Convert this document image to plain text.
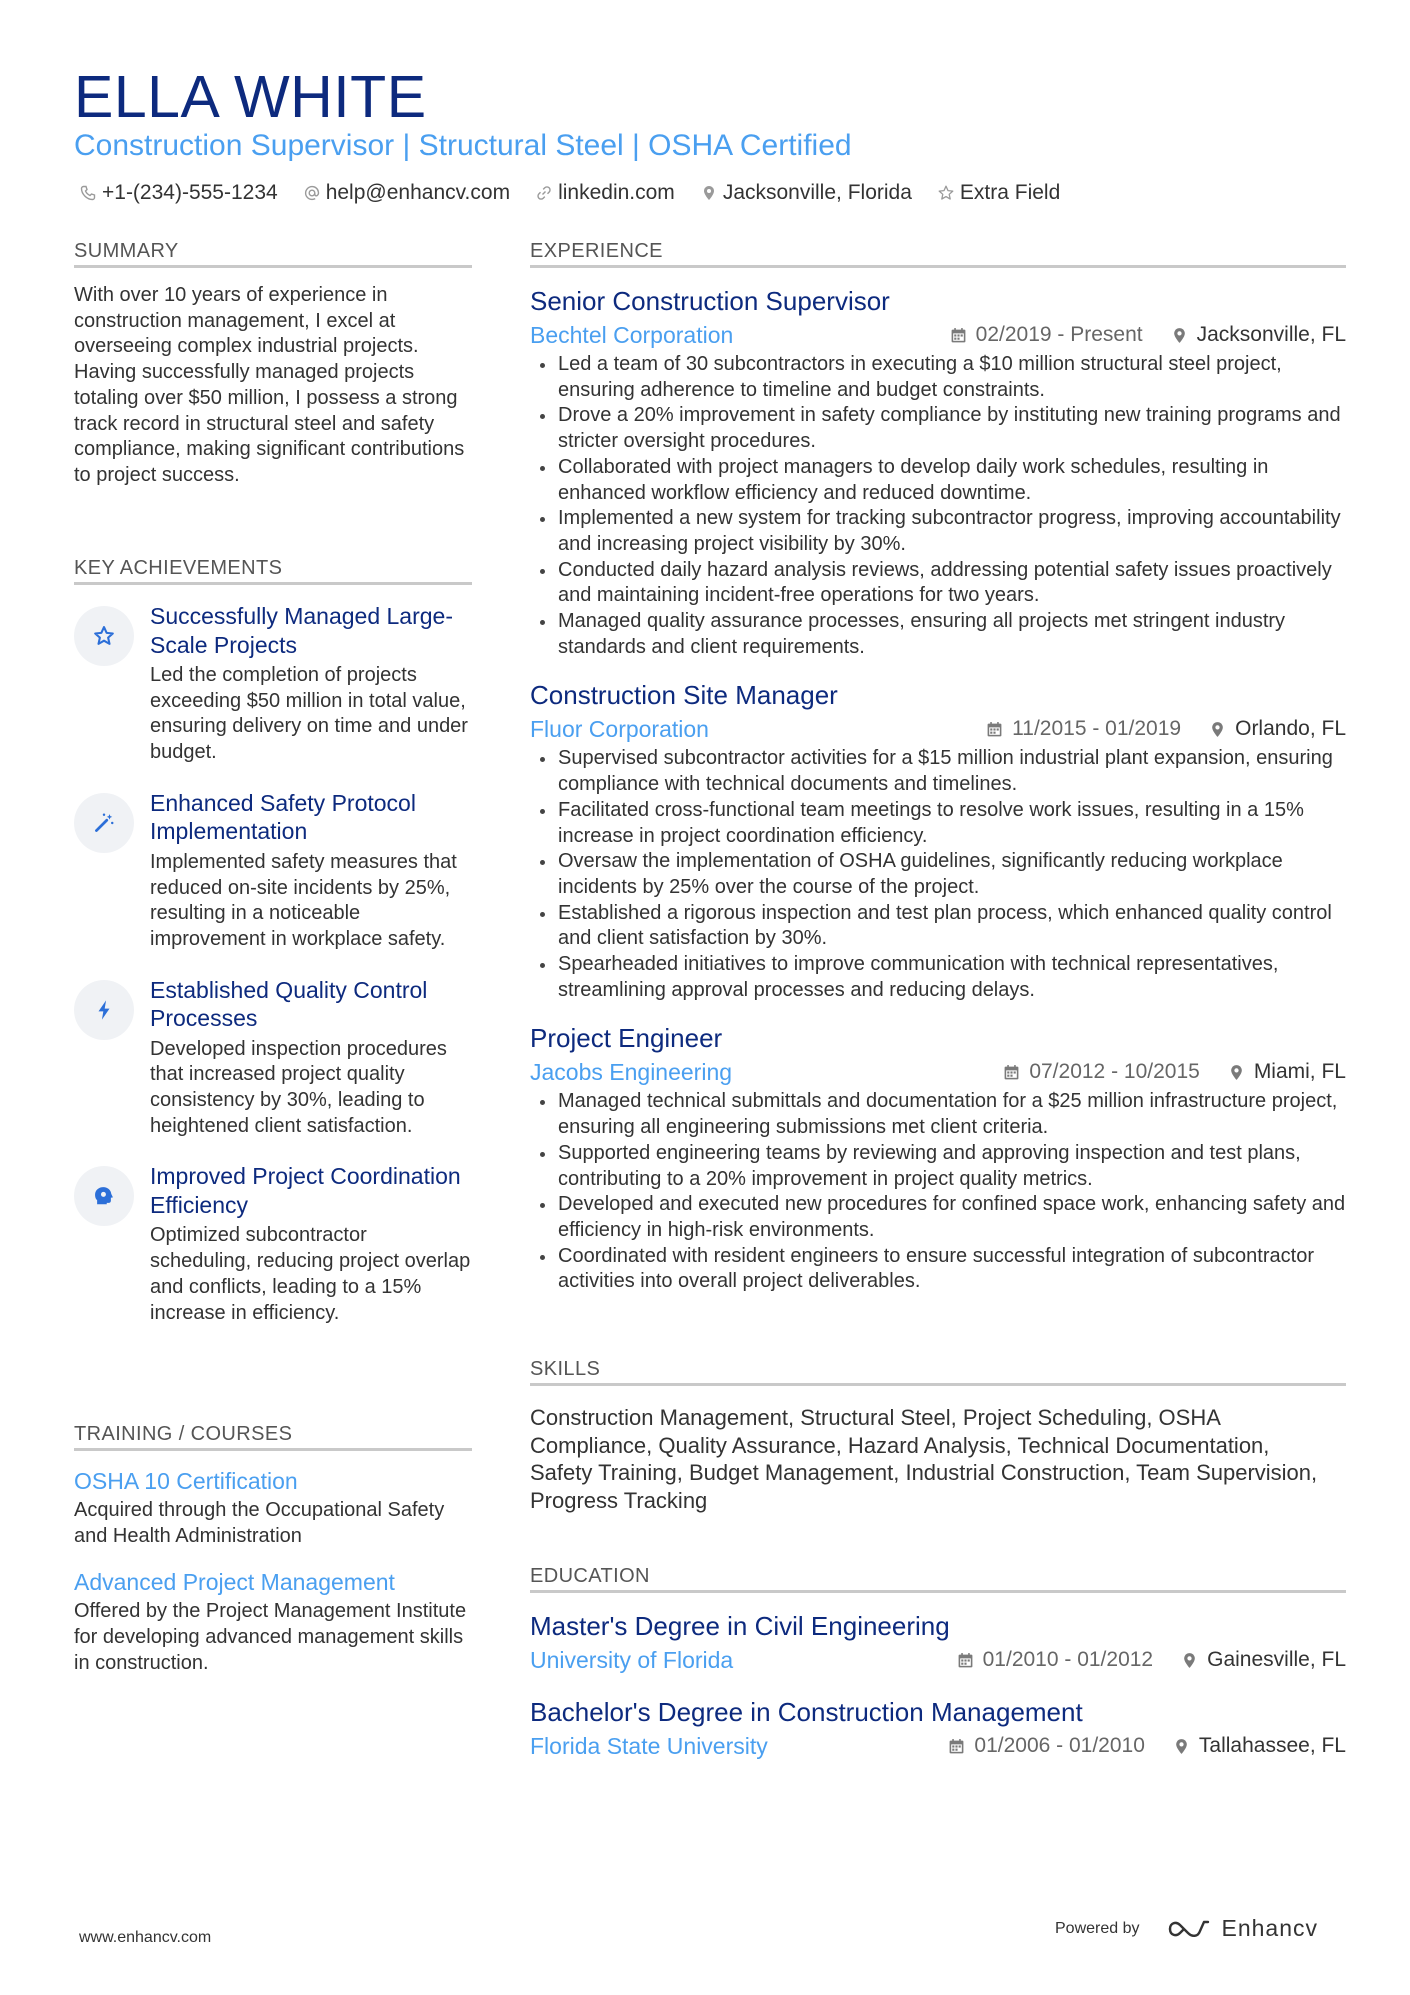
ELLA WHITE
Construction Supervisor | Structural Steel | OSHA Certified
+1-(234)-555-1234 help@enhancv.com linkedin.com Jacksonville, Florida Extra Field
SUMMARY
With over 10 years of experience in construction management, I excel at overseeing complex industrial projects. Having successfully managed projects totaling over $50 million, I possess a strong track record in structural steel and safety compliance, making significant contributions to project success.
KEY ACHIEVEMENTS
Successfully Managed Large-Scale Projects
Led the completion of projects exceeding $50 million in total value, ensuring delivery on time and under budget.
Enhanced Safety Protocol Implementation
Implemented safety measures that reduced on-site incidents by 25%, resulting in a noticeable improvement in workplace safety.
Established Quality Control Processes
Developed inspection procedures that increased project quality consistency by 30%, leading to heightened client satisfaction.
Improved Project Coordination Efficiency
Optimized subcontractor scheduling, reducing project overlap and conflicts, leading to a 15% increase in efficiency.
TRAINING / COURSES
OSHA 10 Certification
Acquired through the Occupational Safety and Health Administration
Advanced Project Management
Offered by the Project Management Institute for developing advanced management skills in construction.
EXPERIENCE
Senior Construction Supervisor
Bechtel Corporation	02/2019 - Present	Jacksonville, FL
Led a team of 30 subcontractors in executing a $10 million structural steel project, ensuring adherence to timeline and budget constraints.
Drove a 20% improvement in safety compliance by instituting new training programs and stricter oversight procedures.
Collaborated with project managers to develop daily work schedules, resulting in enhanced workflow efficiency and reduced downtime.
Implemented a new system for tracking subcontractor progress, improving accountability and increasing project visibility by 30%.
Conducted daily hazard analysis reviews, addressing potential safety issues proactively and maintaining incident-free operations for two years.
Managed quality assurance processes, ensuring all projects met stringent industry standards and client requirements.
Construction Site Manager
Fluor Corporation	11/2015 - 01/2019	Orlando, FL
Supervised subcontractor activities for a $15 million industrial plant expansion, ensuring compliance with technical documents and timelines.
Facilitated cross-functional team meetings to resolve work issues, resulting in a 15% increase in project coordination efficiency.
Oversaw the implementation of OSHA guidelines, significantly reducing workplace incidents by 25% over the course of the project.
Established a rigorous inspection and test plan process, which enhanced quality control and client satisfaction by 30%.
Spearheaded initiatives to improve communication with technical representatives, streamlining approval processes and reducing delays.
Project Engineer
Jacobs Engineering	07/2012 - 10/2015	Miami, FL
Managed technical submittals and documentation for a $25 million infrastructure project, ensuring all engineering submissions met client criteria.
Supported engineering teams by reviewing and approving inspection and test plans, contributing to a 20% improvement in project quality metrics.
Developed and executed new procedures for confined space work, enhancing safety and efficiency in high-risk environments.
Coordinated with resident engineers to ensure successful integration of subcontractor activities into overall project deliverables.
SKILLS
Construction Management, Structural Steel, Project Scheduling, OSHA Compliance, Quality Assurance, Hazard Analysis, Technical Documentation, Safety Training, Budget Management, Industrial Construction, Team Supervision, Progress Tracking
EDUCATION
Master's Degree in Civil Engineering
University of Florida	01/2010 - 01/2012	Gainesville, FL
Bachelor's Degree in Construction Management
Florida State University	01/2006 - 01/2010	Tallahassee, FL
www.enhancv.com
Powered by	Enhancv
